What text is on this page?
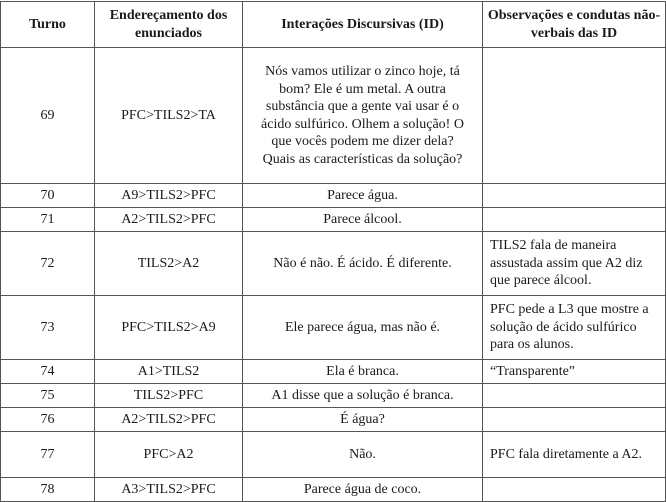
Turno	Endereçamento dos enunciados	Interações Discursivas (ID)	Observações e condutas não-verbais das ID
69	PFC>TILS2>TA	Nós vamos utilizar o zinco hoje, tá bom? Ele é um metal. A outra substância que a gente vai usar é o ácido sulfúrico. Olhem a solução! O que vocês podem me dizer dela? Quais as características da solução?	
70	A9>TILS2>PFC	Parece água.	
71	A2>TILS2>PFC	Parece álcool.	
72	TILS2>A2	Não é não. É ácido. É diferente.	TILS2 fala de maneira assustada assim que A2 diz que parece álcool.
73	PFC>TILS2>A9	Ele parece água, mas não é.	PFC pede a L3 que mostre a solução de ácido sulfúrico para os alunos.
74	A1>TILS2	Ela é branca.	“Transparente”
75	TILS2>PFC	A1 disse que a solução é branca.	
76	A2>TILS2>PFC	É água?	
77	PFC>A2	Não.	PFC fala diretamente a A2.
78	A3>TILS2>PFC	Parece água de coco.	
